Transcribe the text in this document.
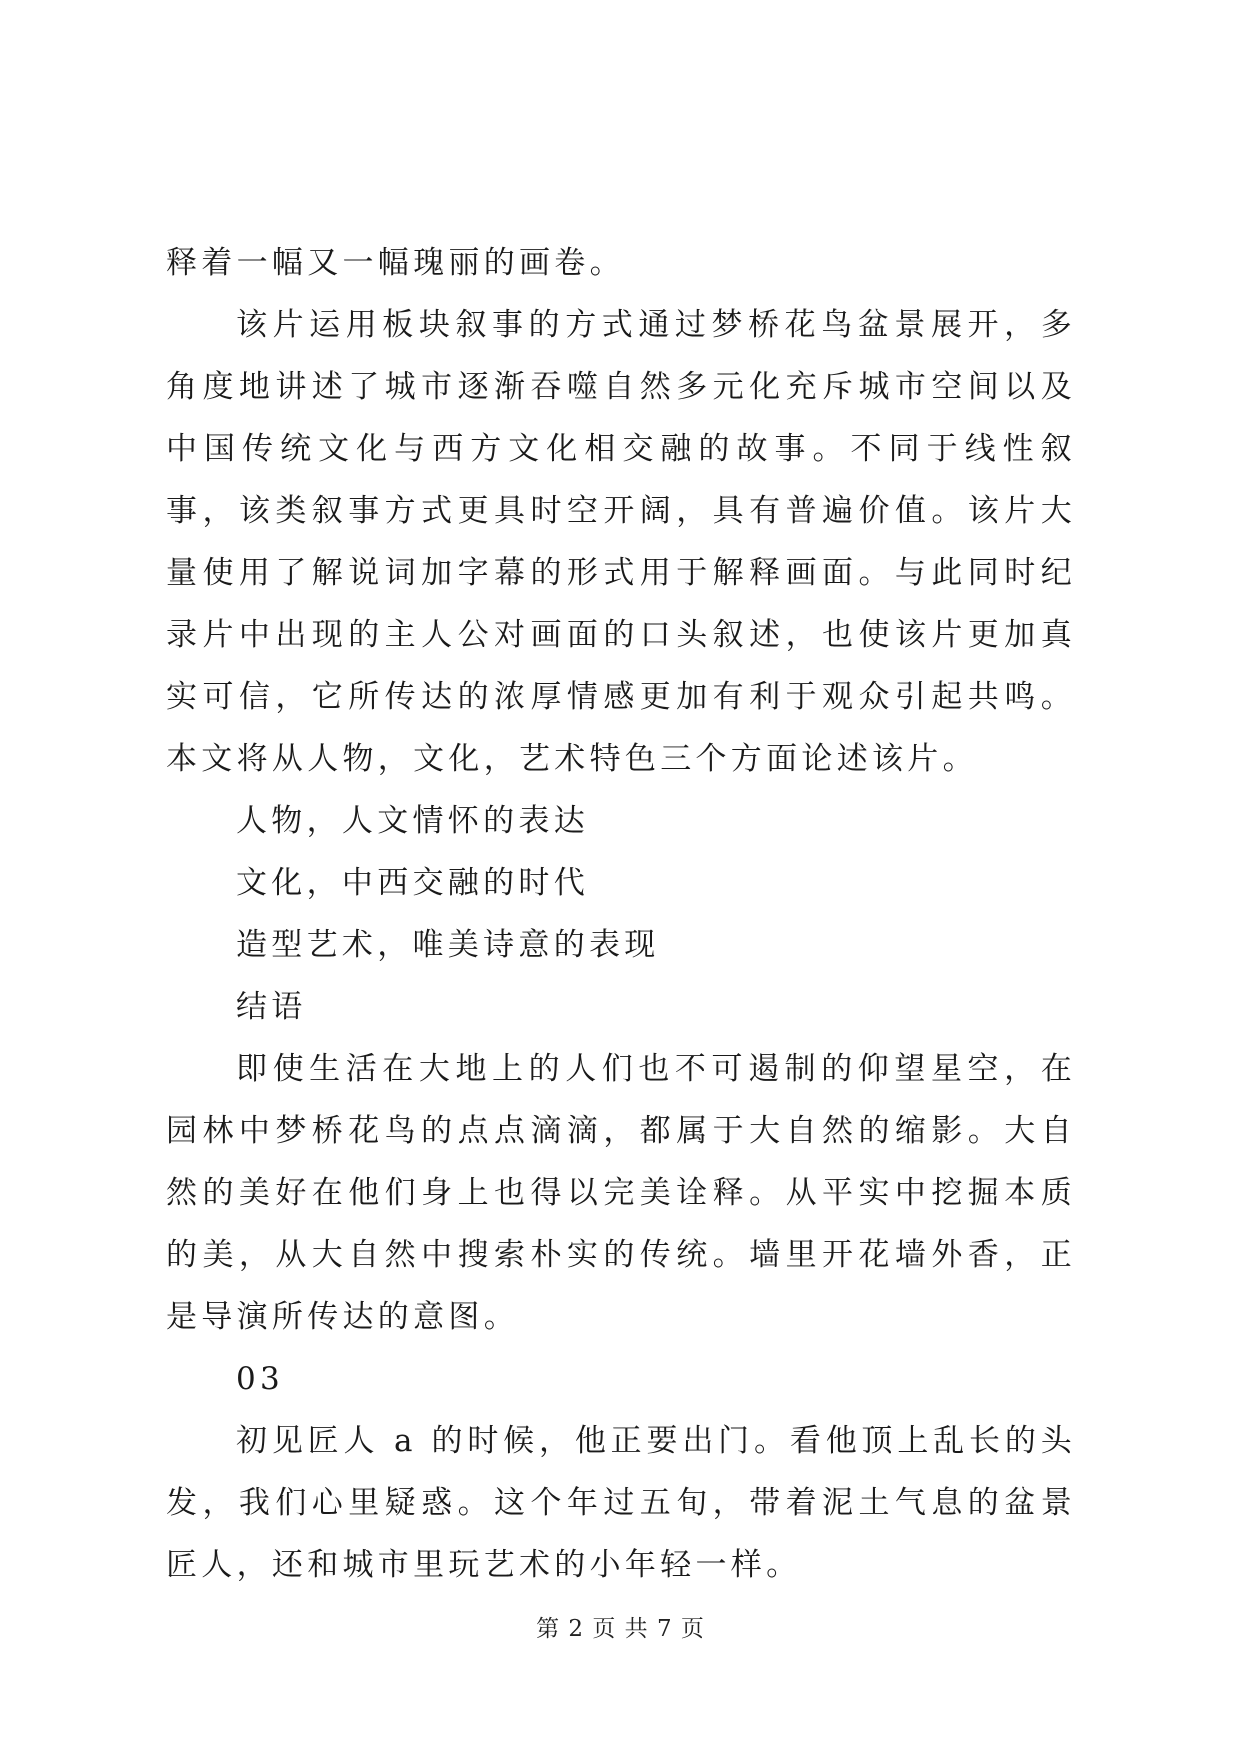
释着一幅又一幅瑰丽的画卷。

该片运用板块叙事的方式通过梦桥花鸟盆景展开，多角度地讲述了城市逐渐吞噬自然多元化充斥城市空间以及中国传统文化与西方文化相交融的故事。不同于线性叙事，该类叙事方式更具时空开阔，具有普遍价值。该片大量使用了解说词加字幕的形式用于解释画面。与此同时纪录片中出现的主人公对画面的口头叙述，也使该片更加真实可信，它所传达的浓厚情感更加有利于观众引起共鸣。本文将从人物，文化，艺术特色三个方面论述该片。

人物，人文情怀的表达

文化，中西交融的时代

造型艺术，唯美诗意的表现

结语

即使生活在大地上的人们也不可遏制的仰望星空，在园林中梦桥花鸟的点点滴滴，都属于大自然的缩影。大自然的美好在他们身上也得以完美诠释。从平实中挖掘本质的美，从大自然中搜索朴实的传统。墙里开花墙外香，正是导演所传达的意图。

03

初见匠人 a 的时候，他正要出门。看他顶上乱长的头发，我们心里疑惑。这个年过五旬，带着泥土气息的盆景匠人，还和城市里玩艺术的小年轻一样。

第 2 页 共 7 页
